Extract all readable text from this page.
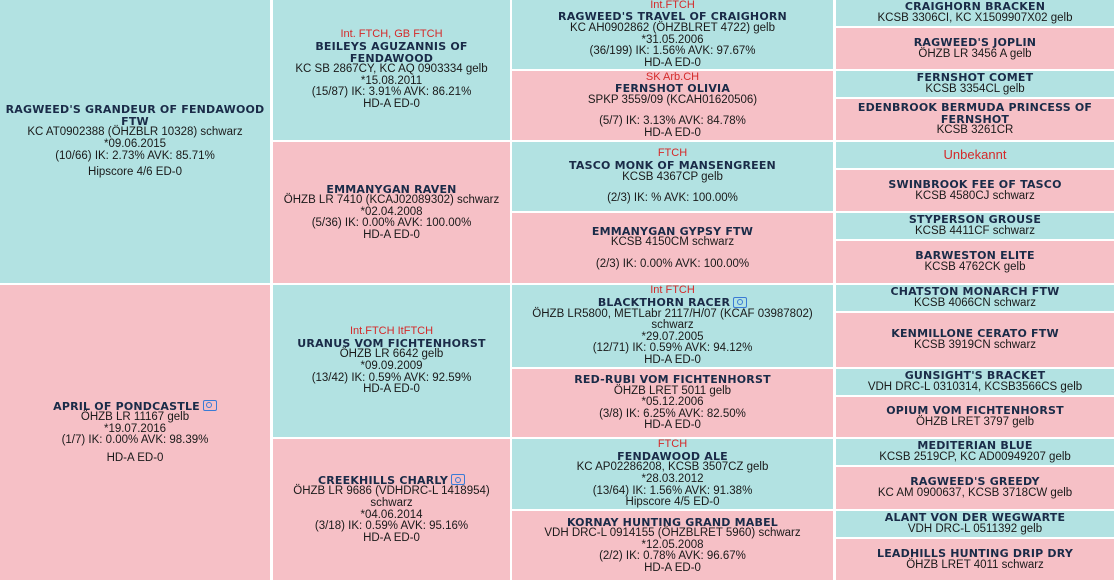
RAGWEED'S GRANDEUR OF FENDAWOOD FTW
KC AT0902388 (ÖHZBLR 10328) schwarz
*09.06.2015
(10/66) IK: 2.73% AVK: 85.71%
Hipscore 4/6 ED-0
APRIL OF PONDCASTLE
ÖHZB LR 11167 gelb
*19.07.2016
(1/7) IK: 0.00% AVK: 98.39%
HD-A ED-0
Int. FTCH, GB FTCH
BEILEYS AGUZANNIS OF FENDAWOOD
KC SB 2867CY, KC AQ 0903334 gelb
*15.08.2011
(15/87) IK: 3.91% AVK: 86.21%
HD-A ED-0
EMMANYGAN RAVEN
ÖHZB LR 7410 (KCAJ02089302) schwarz
*02.04.2008
(5/36) IK: 0.00% AVK: 100.00%
HD-A ED-0
Int.FTCH ItFTCH
URANUS VOM FICHTENHORST
ÖHZB LR 6642 gelb
*09.09.2009
(13/42) IK: 0.59% AVK: 92.59%
HD-A ED-0
CREEKHILLS CHARLY
ÖHZB LR 9686 (VDHDRC-L 1418954) schwarz
*04.06.2014
(3/18) IK: 0.59% AVK: 95.16%
HD-A ED-0
Int.FTCH
RAGWEED'S TRAVEL OF CRAIGHORN
KC AH0902862 (ÖHZBLRET 4722) gelb
*31.05.2006
(36/199) IK: 1.56% AVK: 97.67%
HD-A ED-0
SK Arb.CH
FERNSHOT OLIVIA
SPKP 3559/09 (KCAH01620506)
(5/7) IK: 3.13% AVK: 84.78%
HD-A ED-0
FTCH
TASCO MONK OF MANSENGREEN
KCSB 4367CP gelb
(2/3) IK: % AVK: 100.00%
EMMANYGAN GYPSY FTW
KCSB 4150CM schwarz
(2/3) IK: 0.00% AVK: 100.00%
Int FTCH
BLACKTHORN RACER
ÖHZB LR5800, METLabr 2117/H/07 (KCAF 03987802) schwarz
*29.07.2005
(12/71) IK: 0.59% AVK: 94.12%
HD-A ED-0
RED-RUBI VOM FICHTENHORST
ÖHZB LRET 5011 gelb
*05.12.2006
(3/8) IK: 6.25% AVK: 82.50%
HD-A ED-0
FTCH
FENDAWOOD ALE
KC AP02286208, KCSB 3507CZ gelb
*28.03.2012
(13/64) IK: 1.56% AVK: 91.38%
Hipscore 4/5 ED-0
KORNAY HUNTING GRAND MABEL
VDH DRC-L 0914155 (ÖHZBLRET 5960) schwarz
*12.05.2008
(2/2) IK: 0.78% AVK: 96.67%
HD-A ED-0
CRAIGHORN BRACKEN
KCSB 3306CI, KC X1509907X02 gelb
RAGWEED'S JOPLIN
ÖHZB LR 3456 A gelb
FERNSHOT COMET
KCSB 3354CL gelb
EDENBROOK BERMUDA PRINCESS OF FERNSHOT
KCSB 3261CR
Unbekannt
SWINBROOK FEE OF TASCO
KCSB 4580CJ schwarz
STYPERSON GROUSE
KCSB 4411CF schwarz
BARWESTON ELITE
KCSB 4762CK gelb
CHATSTON MONARCH FTW
KCSB 4066CN schwarz
KENMILLONE CERATO FTW
KCSB 3919CN schwarz
GUNSIGHT'S BRACKET
VDH DRC-L 0310314, KCSB3566CS gelb
OPIUM VOM FICHTENHORST
ÖHZB LRET 3797 gelb
MEDITERIAN BLUE
KCSB 2519CP, KC AD00949207 gelb
RAGWEED'S GREEDY
KC AM 0900637, KCSB 3718CW gelb
ALANT VON DER WEGWARTE
VDH DRC-L 0511392 gelb
LEADHILLS HUNTING DRIP DRY
ÖHZB LRET 4011 schwarz
